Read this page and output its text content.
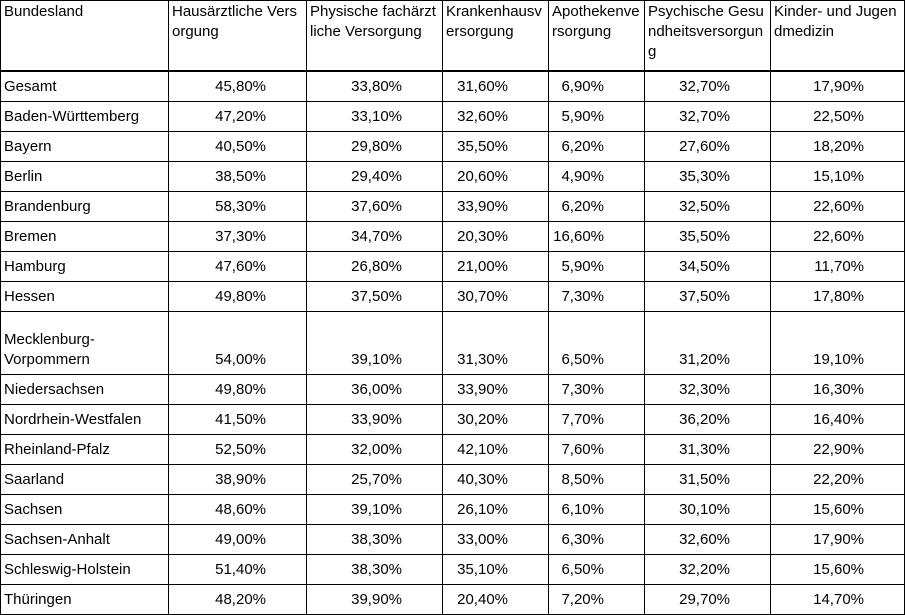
Bundesland	Hausärztliche Versorgung	Physische fachärztliche Versorgung	Krankenhausversorgung	Apothekenversorgung	Psychische Gesundheitsversorgung	Kinder- und Jugendmedizin
Gesamt	45,80%	33,80%	31,60%	6,90%	32,70%	17,90%
Baden-Württemberg	47,20%	33,10%	32,60%	5,90%	32,70%	22,50%
Bayern	40,50%	29,80%	35,50%	6,20%	27,60%	18,20%
Berlin	38,50%	29,40%	20,60%	4,90%	35,30%	15,10%
Brandenburg	58,30%	37,60%	33,90%	6,20%	32,50%	22,60%
Bremen	37,30%	34,70%	20,30%	16,60%	35,50%	22,60%
Hamburg	47,60%	26,80%	21,00%	5,90%	34,50%	11,70%
Hessen	49,80%	37,50%	30,70%	7,30%	37,50%	17,80%
Mecklenburg-Vorpommern	54,00%	39,10%	31,30%	6,50%	31,20%	19,10%
Niedersachsen	49,80%	36,00%	33,90%	7,30%	32,30%	16,30%
Nordrhein-Westfalen	41,50%	33,90%	30,20%	7,70%	36,20%	16,40%
Rheinland-Pfalz	52,50%	32,00%	42,10%	7,60%	31,30%	22,90%
Saarland	38,90%	25,70%	40,30%	8,50%	31,50%	22,20%
Sachsen	48,60%	39,10%	26,10%	6,10%	30,10%	15,60%
Sachsen-Anhalt	49,00%	38,30%	33,00%	6,30%	32,60%	17,90%
Schleswig-Holstein	51,40%	38,30%	35,10%	6,50%	32,20%	15,60%
Thüringen	48,20%	39,90%	20,40%	7,20%	29,70%	14,70%
